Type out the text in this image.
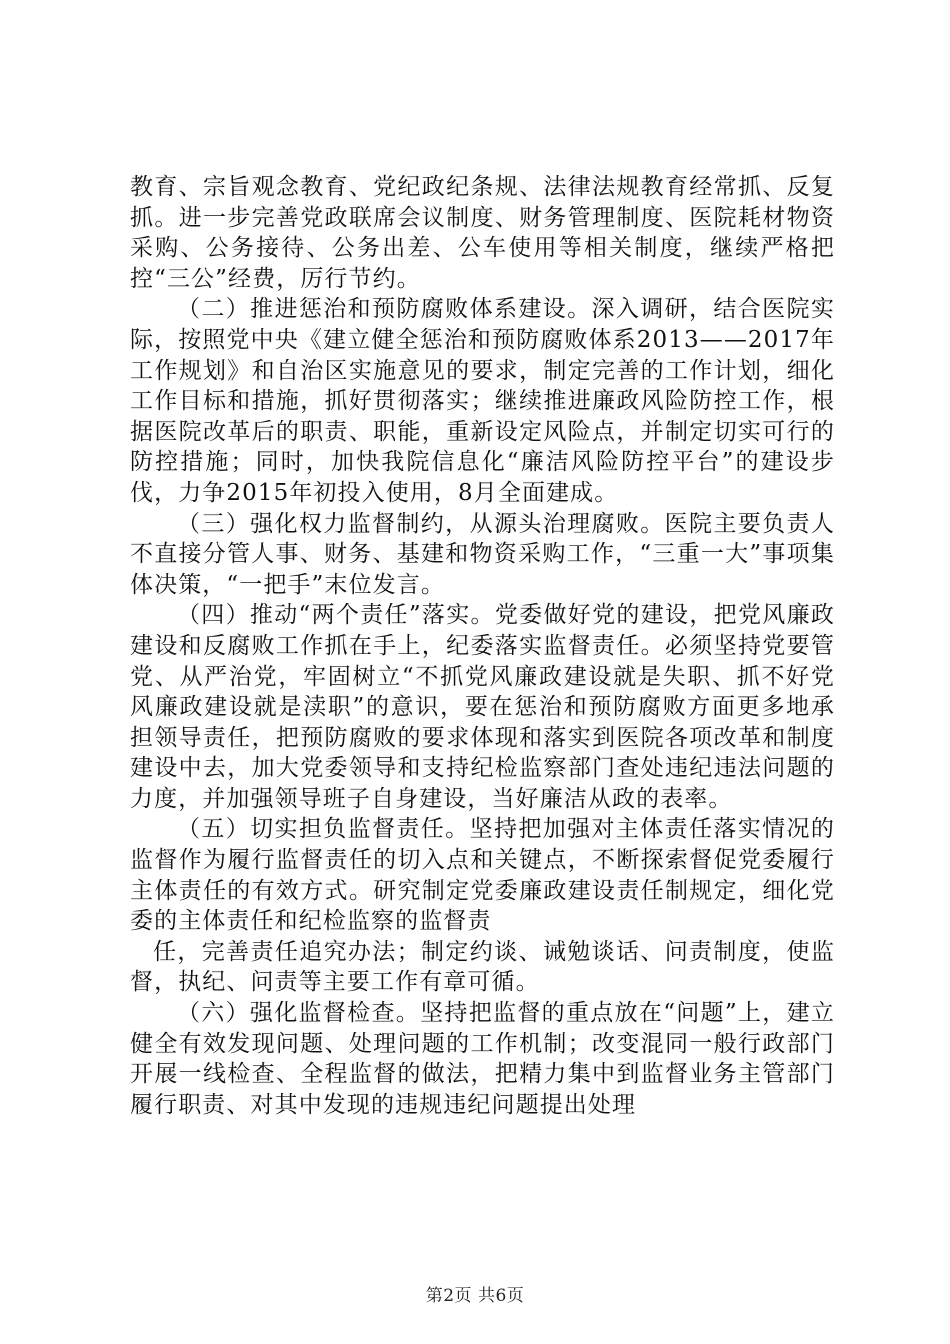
教育、宗旨观念教育、党纪政纪条规、法律法规教育经常抓、反复抓。进一步完善党政联席会议制度、财务管理制度、医院耗材物资采购、公务接待、公务出差、公车使用等相关制度，继续严格把控“三公”经费，厉行节约。

（二）推进惩治和预防腐败体系建设。深入调研，结合医院实际，按照党中央《建立健全惩治和预防腐败体系2013——2017年工作规划》和自治区实施意见的要求，制定完善的工作计划，细化工作目标和措施，抓好贯彻落实；继续推进廉政风险防控工作，根据医院改革后的职责、职能，重新设定风险点，并制定切实可行的防控措施；同时，加快我院信息化“廉洁风险防控平台”的建设步伐，力争2015年初投入使用，8月全面建成。

（三）强化权力监督制约，从源头治理腐败。医院主要负责人不直接分管人事、财务、基建和物资采购工作，“三重一大”事项集体决策，“一把手”末位发言。

（四）推动“两个责任”落实。党委做好党的建设，把党风廉政建设和反腐败工作抓在手上，纪委落实监督责任。必须坚持党要管党、从严治党，牢固树立“不抓党风廉政建设就是失职、抓不好党风廉政建设就是渎职”的意识，要在惩治和预防腐败方面更多地承担领导责任，把预防腐败的要求体现和落实到医院各项改革和制度建设中去，加大党委领导和支持纪检监察部门查处违纪违法问题的力度，并加强领导班子自身建设，当好廉洁从政的表率。

（五）切实担负监督责任。坚持把加强对主体责任落实情况的监督作为履行监督责任的切入点和关键点，不断探索督促党委履行主体责任的有效方式。研究制定党委廉政建设责任制规定，细化党委的主体责任和纪检监察的监督责

任，完善责任追究办法；制定约谈、诫勉谈话、问责制度，使监督，执纪、问责等主要工作有章可循。

（六）强化监督检查。坚持把监督的重点放在“问题”上，建立健全有效发现问题、处理问题的工作机制；改变混同一般行政部门开展一线检查、全程监督的做法，把精力集中到监督业务主管部门履行职责、对其中发现的违规违纪问题提出处理

第2页 共6页
